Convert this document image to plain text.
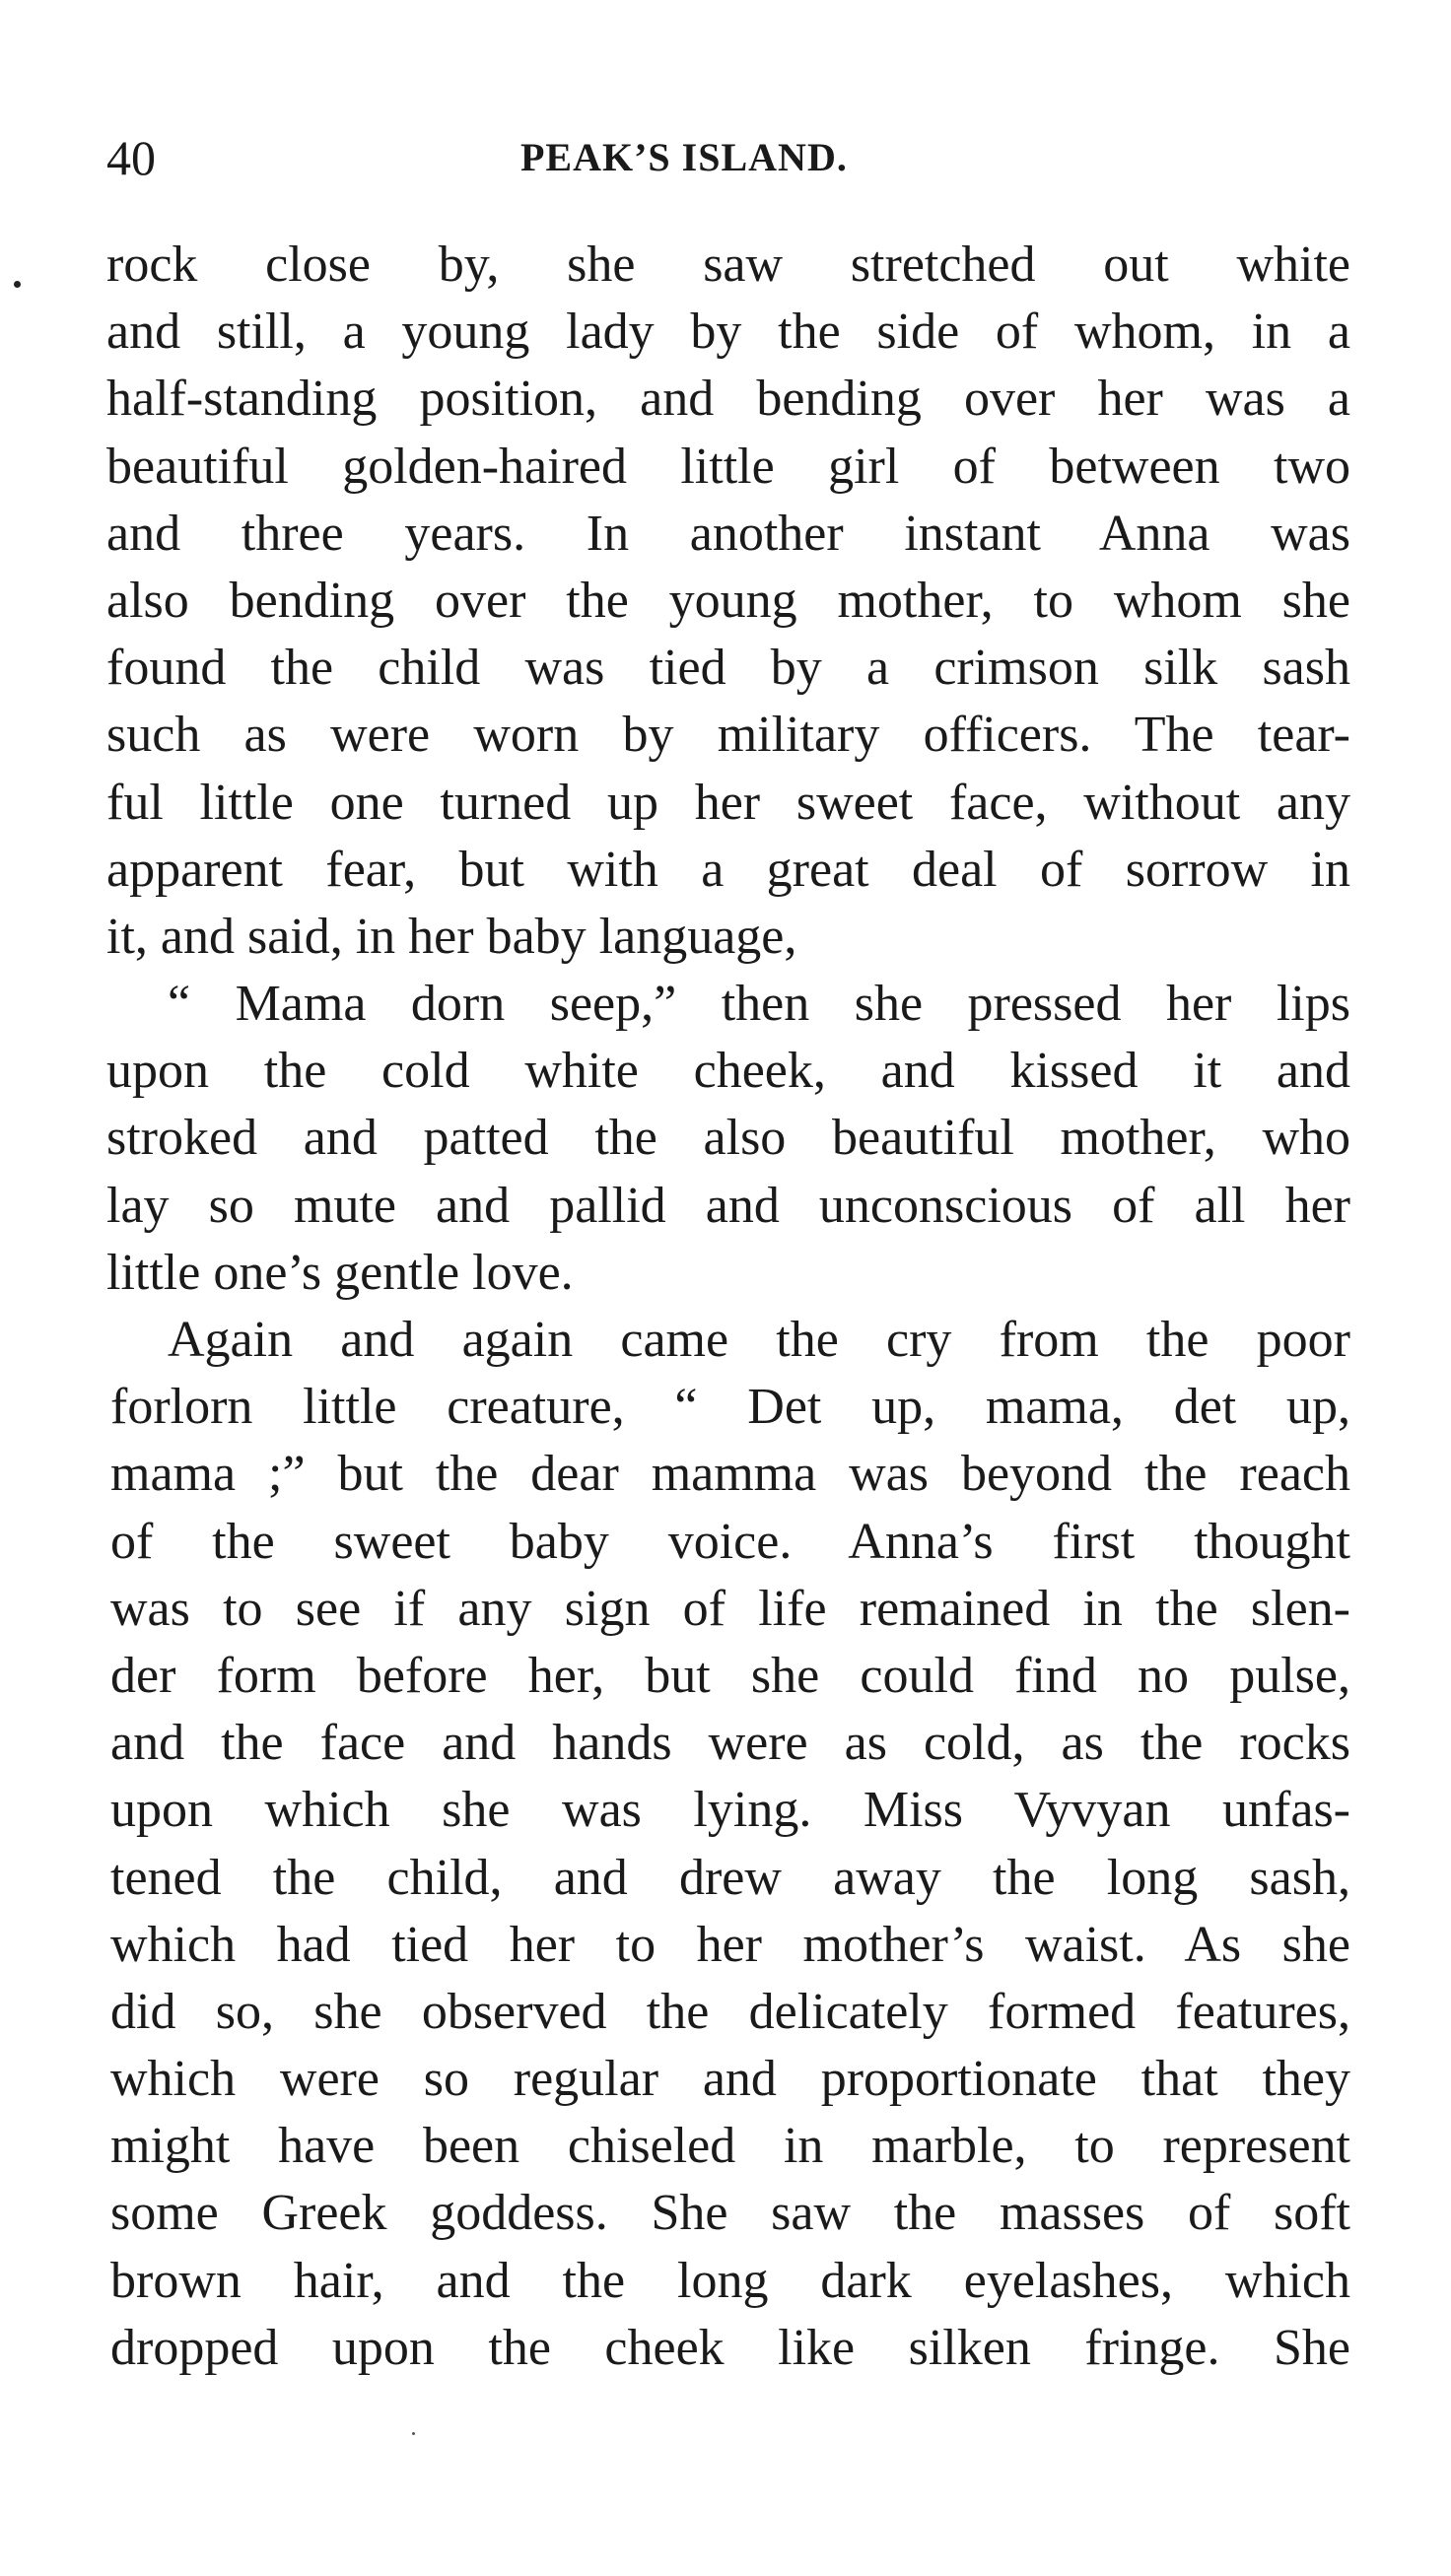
40	PEAK’S ISLAND.
rock close by, she saw stretched out white
and still, a young lady by the side of whom, in a
half-standing position, and bending over her was a
beautiful golden-haired little girl of between two
and three years. In another instant Anna was
also bending over the young mother, to whom she
found the child was tied by a crimson silk sash
such as were worn by military officers. The tear-
ful little one turned up her sweet face, without any
apparent fear, but with a great deal of sorrow in
it, and said, in her baby language,
“ Mama dorn seep,” then she pressed her lips
upon the cold white cheek, and kissed it and
stroked and patted the also beautiful mother, who
lay so mute and pallid and unconscious of all her
little one’s gentle love.
Again and again came the cry from the poor
forlorn little creature, “ Det up, mama, det up,
mama ;” but the dear mamma was beyond the reach
of the sweet baby voice. Anna’s first thought
was to see if any sign of life remained in the slen-
der form before her, but she could find no pulse,
and the face and hands were as cold, as the rocks
upon which she was lying. Miss Vyvyan unfas-
tened the child, and drew away the long sash,
which had tied her to her mother’s waist. As she
did so, she observed the delicately formed features,
which were so regular and proportionate that they
might have been chiseled in marble, to represent
some Greek goddess. She saw the masses of soft
brown hair, and the long dark eyelashes, which
dropped upon the cheek like silken fringe. She
